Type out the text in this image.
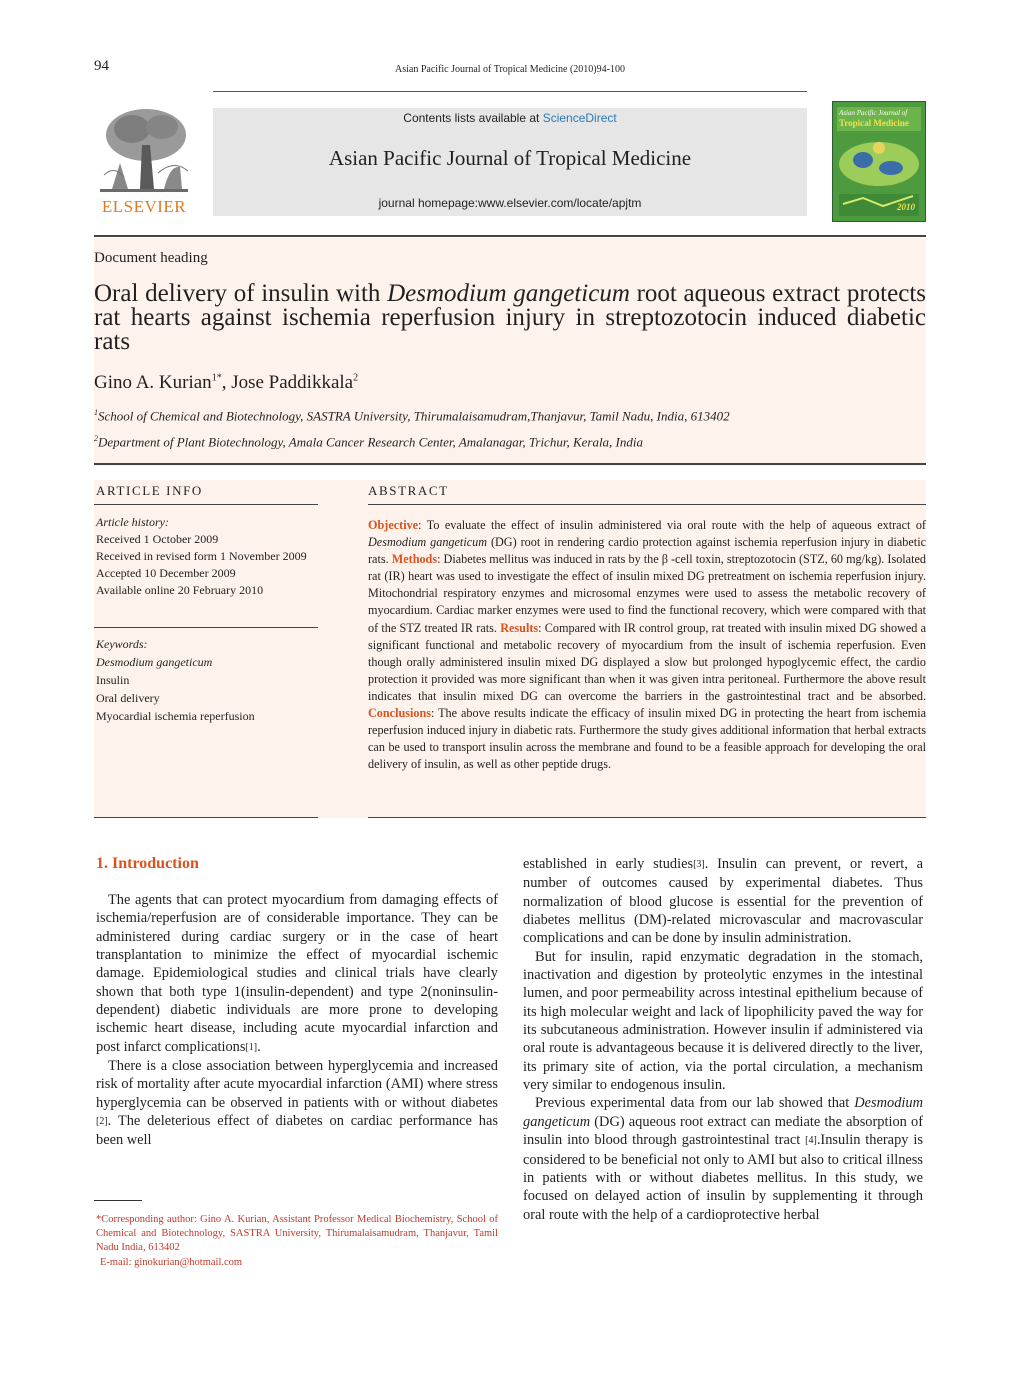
94	Asian Pacific Journal of Tropical Medicine (2010)94-100
ELSEVIER
Contents lists available at ScienceDirect
Asian Pacific Journal of Tropical Medicine
journal homepage:www.elsevier.com/locate/apjtm
Asian Pacific Journal of
Tropical Medicine
2010
Document heading
Oral delivery of insulin with Desmodium gangeticum root aqueous extract protects rat hearts against ischemia reperfusion injury in streptozotocin induced diabetic rats
Gino A. Kurian$^{1*}$, Jose Paddikkala$^2$
$^1$School of Chemical and Biotechnology, SASTRA University, Thirumalaisamudram,Thanjavur, Tamil Nadu, India, 613402
$^2$Department of Plant Biotechnology, Amala Cancer Research Center, Amalanagar, Trichur, Kerala, India
ARTICLE INFO	ABSTRACT
Article history:
Received 1 October 2009
Received in revised form 1 November 2009
Accepted 10 December 2009
Available online 20 February 2010
Keywords:
Desmodium gangeticum
Insulin
Oral delivery
Myocardial ischemia reperfusion
Objective: To evaluate the effect of insulin administered via oral route with the help of aqueous extract of Desmodium gangeticum (DG) root in rendering cardio protection against ischemia reperfusion injury in diabetic rats. Methods: Diabetes mellitus was induced in rats by the β -cell toxin, streptozotocin (STZ, 60 mg/kg). Isolated rat (IR) heart was used to investigate the effect of insulin mixed DG pretreatment on ischemia reperfusion injury. Mitochondrial respiratory enzymes and microsomal enzymes were used to assess the metabolic recovery of myocardium. Cardiac marker enzymes were used to find the functional recovery, which were compared with that of the STZ treated IR rats. Results: Compared with IR control group, rat treated with insulin mixed DG showed a significant functional and metabolic recovery of myocardium from the insult of ischemia reperfusion. Even though orally administered insulin mixed DG displayed a slow but prolonged hypoglycemic effect, the cardio protection it provided was more significant than when it was given intra peritoneal. Furthermore the above result indicates that insulin mixed DG can overcome the barriers in the gastrointestinal tract and be absorbed. Conclusions: The above results indicate the efficacy of insulin mixed DG in protecting the heart from ischemia reperfusion induced injury in diabetic rats. Furthermore the study gives additional information that herbal extracts can be used to transport insulin across the membrane and found to be a feasible approach for developing the oral delivery of insulin, as well as other peptide drugs.
1. Introduction

The agents that can protect myocardium from damaging effects of ischemia/reperfusion are of considerable importance. They can be administered during cardiac surgery or in the case of heart transplantation to minimize the effect of myocardial ischemic damage. Epidemiological studies and clinical trials have clearly shown that both type 1(insulin-dependent) and type 2(noninsulin-dependent) diabetic individuals are more prone to developing ischemic heart disease, including acute myocardial infarction and post infarct complications[1].

There is a close association between hyperglycemia and increased risk of mortality after acute myocardial infarction (AMI) where stress hyperglycemia can be observed in patients with or without diabetes [2]. The deleterious effect of diabetes on cardiac performance has been well

*Corresponding author: Gino A. Kurian, Assistant Professor Medical Biochemistry, School of Chemical and Biotechnology, SASTRA University, Thirumalaisamudram, Thanjavur, Tamil Nadu India, 613402
E-mail: ginokurian@hotmail.com

established in early studies[3]. Insulin can prevent, or revert, a number of outcomes caused by experimental diabetes. Thus normalization of blood glucose is essential for the prevention of diabetes mellitus (DM)-related microvascular and macrovascular complications and can be done by insulin administration.

But for insulin, rapid enzymatic degradation in the stomach, inactivation and digestion by proteolytic enzymes in the intestinal lumen, and poor permeability across intestinal epithelium because of its high molecular weight and lack of lipophilicity paved the way for its subcutaneous administration. However insulin if administered via oral route is advantageous because it is delivered directly to the liver, its primary site of action, via the portal circulation, a mechanism very similar to endogenous insulin.

Previous experimental data from our lab showed that Desmodium gangeticum (DG) aqueous root extract can mediate the absorption of insulin into blood through gastrointestinal tract [4].Insulin therapy is considered to be beneficial not only to AMI but also to critical illness in patients with or without diabetes mellitus. In this study, we focused on delayed action of insulin by supplementing it through oral route with the help of a cardioprotective herbal
